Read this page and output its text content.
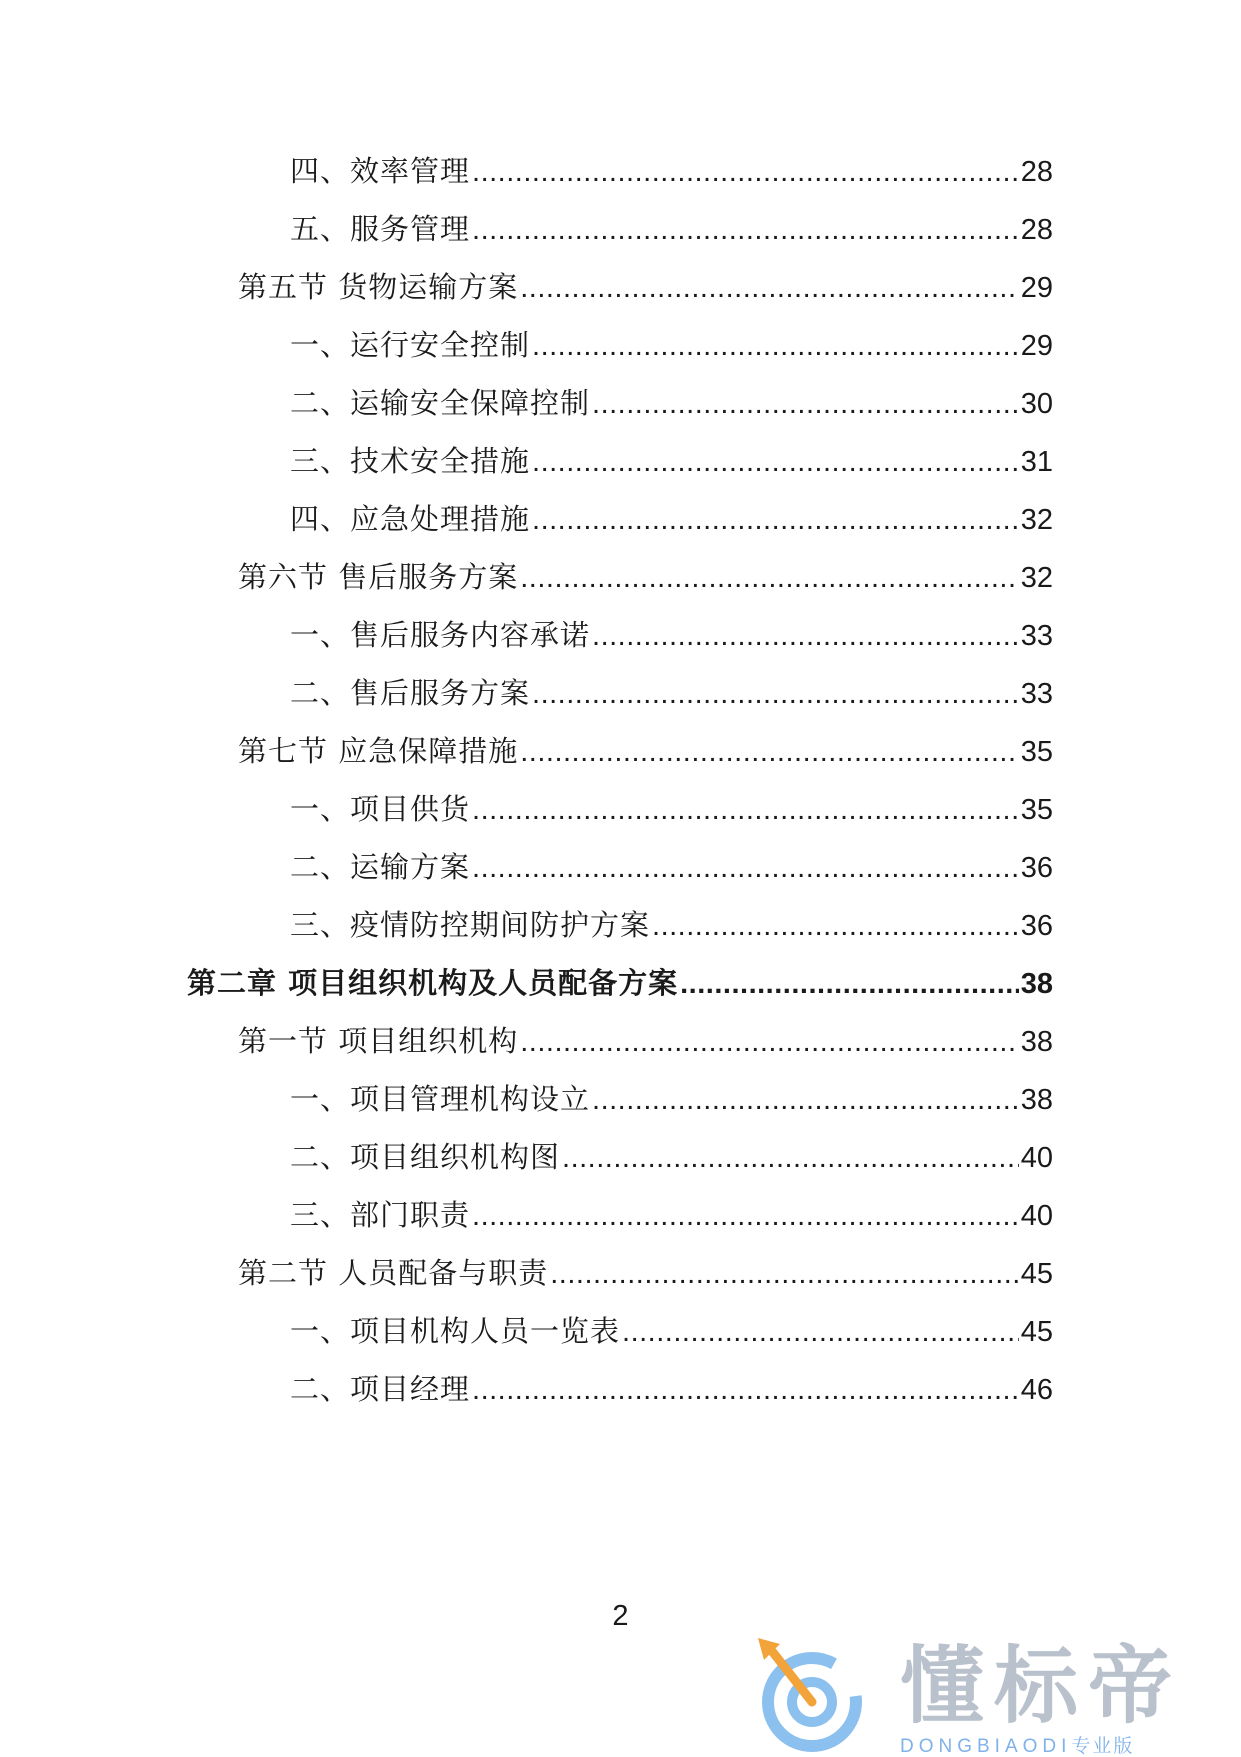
四、效率管理 .....	28
五、服务管理 .....	28
第五节 货物运输方案 .....	29
一、运行安全控制 .....	29
二、运输安全保障控制 .....	30
三、技术安全措施 .....	31
四、应急处理措施 .....	32
第六节 售后服务方案 .....	32
一、售后服务内容承诺 .....	33
二、售后服务方案 .....	33
第七节 应急保障措施 .....	35
一、项目供货 .....	35
二、运输方案 .....	36
三、疫情防控期间防护方案 .....	36
第二章 项目组织机构及人员配备方案 .....	38
第一节 项目组织机构 .....	38
一、项目管理机构设立 .....	38
二、项目组织机构图 .....	40
三、部门职责 .....	40
第二节 人员配备与职责 .....	45
一、项目机构人员一览表 .....	45
二、项目经理 .....	46
2
懂标帝
DONGBIAODI专业版
